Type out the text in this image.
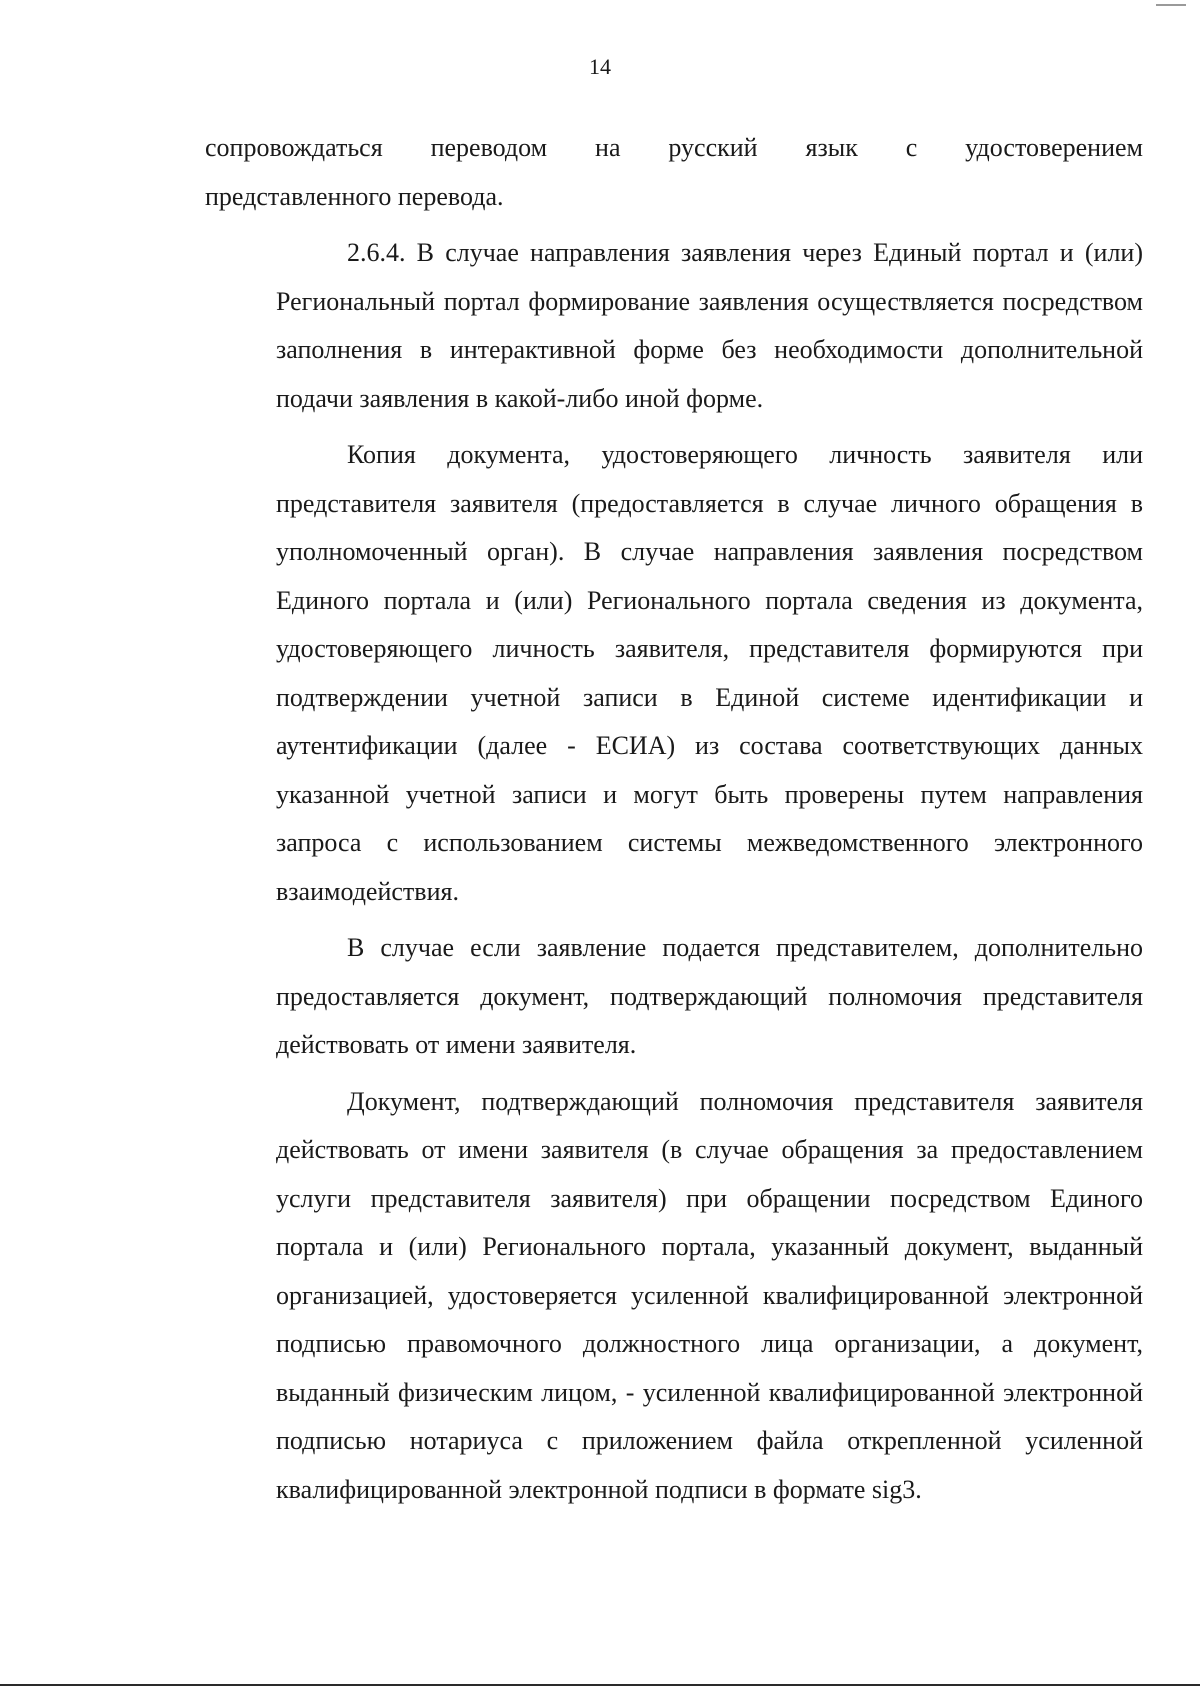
14
сопровождаться переводом на русский язык с удостоверением
представленного перевода.
2.6.4. В случае направления заявления через Единый портал и (или)
Региональный портал формирование заявления осуществляется посредством
заполнения в интерактивной форме без необходимости дополнительной
подачи заявления в какой-либо иной форме.
Копия документа, удостоверяющего личность заявителя или
представителя заявителя (предоставляется в случае личного обращения в
уполномоченный орган). В случае направления заявления посредством
Единого портала и (или) Регионального портала сведения из документа,
удостоверяющего личность заявителя, представителя формируются при
подтверждении учетной записи в Единой системе идентификации и
аутентификации (далее - ЕСИА) из состава соответствующих данных
указанной учетной записи и могут быть проверены путем направления
запроса с использованием системы межведомственного электронного
взаимодействия.
В случае если заявление подается представителем, дополнительно
предоставляется документ, подтверждающий полномочия представителя
действовать от имени заявителя.
Документ, подтверждающий полномочия представителя заявителя
действовать от имени заявителя (в случае обращения за предоставлением
услуги представителя заявителя) при обращении посредством Единого
портала и (или) Регионального портала, указанный документ, выданный
организацией, удостоверяется усиленной квалифицированной электронной
подписью правомочного должностного лица организации, а документ,
выданный физическим лицом, - усиленной квалифицированной электронной
подписью нотариуса с приложением файла открепленной усиленной
квалифицированной электронной подписи в формате sig3.
